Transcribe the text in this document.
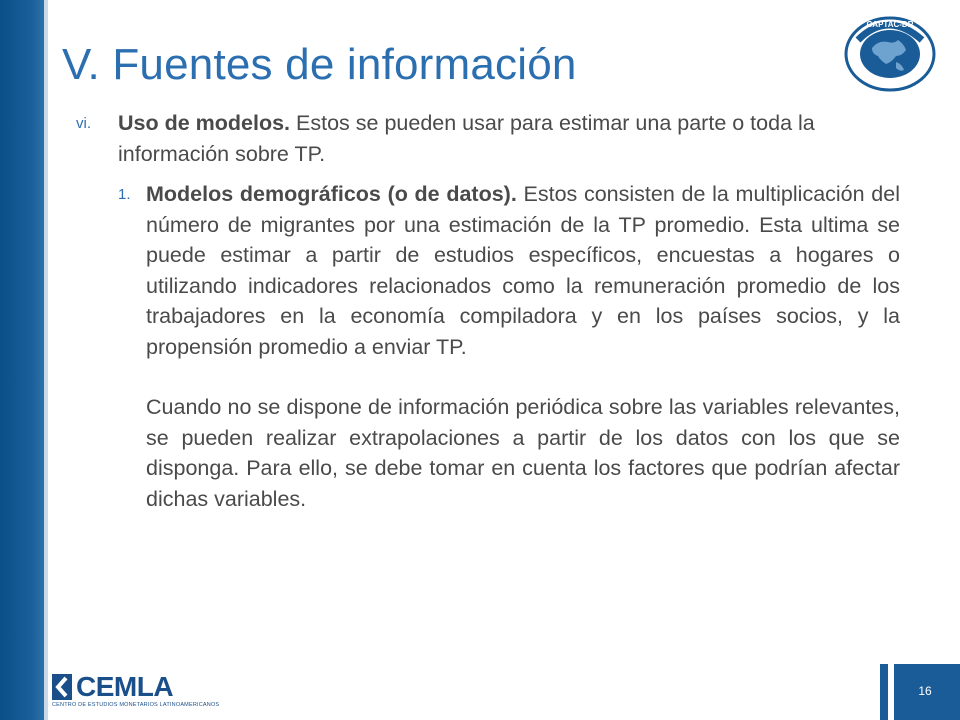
V. Fuentes de información
CAPTAC-DR
vi. Uso de modelos. Estos se pueden usar para estimar una parte o toda la información sobre TP.
1. Modelos demográficos (o de datos). Estos consisten de la multiplicación del número de migrantes por una estimación de la TP promedio. Esta ultima se puede estimar a partir de estudios específicos, encuestas a hogares o utilizando indicadores relacionados como la remuneración promedio de los trabajadores en la economía compiladora y en los países socios, y la propensión promedio a enviar TP.
Cuando no se dispone de información periódica sobre las variables relevantes, se pueden realizar extrapolaciones a partir de los datos con los que se disponga. Para ello, se debe tomar en cuenta los factores que podrían afectar dichas variables.
CEMLA
CENTRO DE ESTUDIOS MONETARIOS LATINOAMERICANOS
16
